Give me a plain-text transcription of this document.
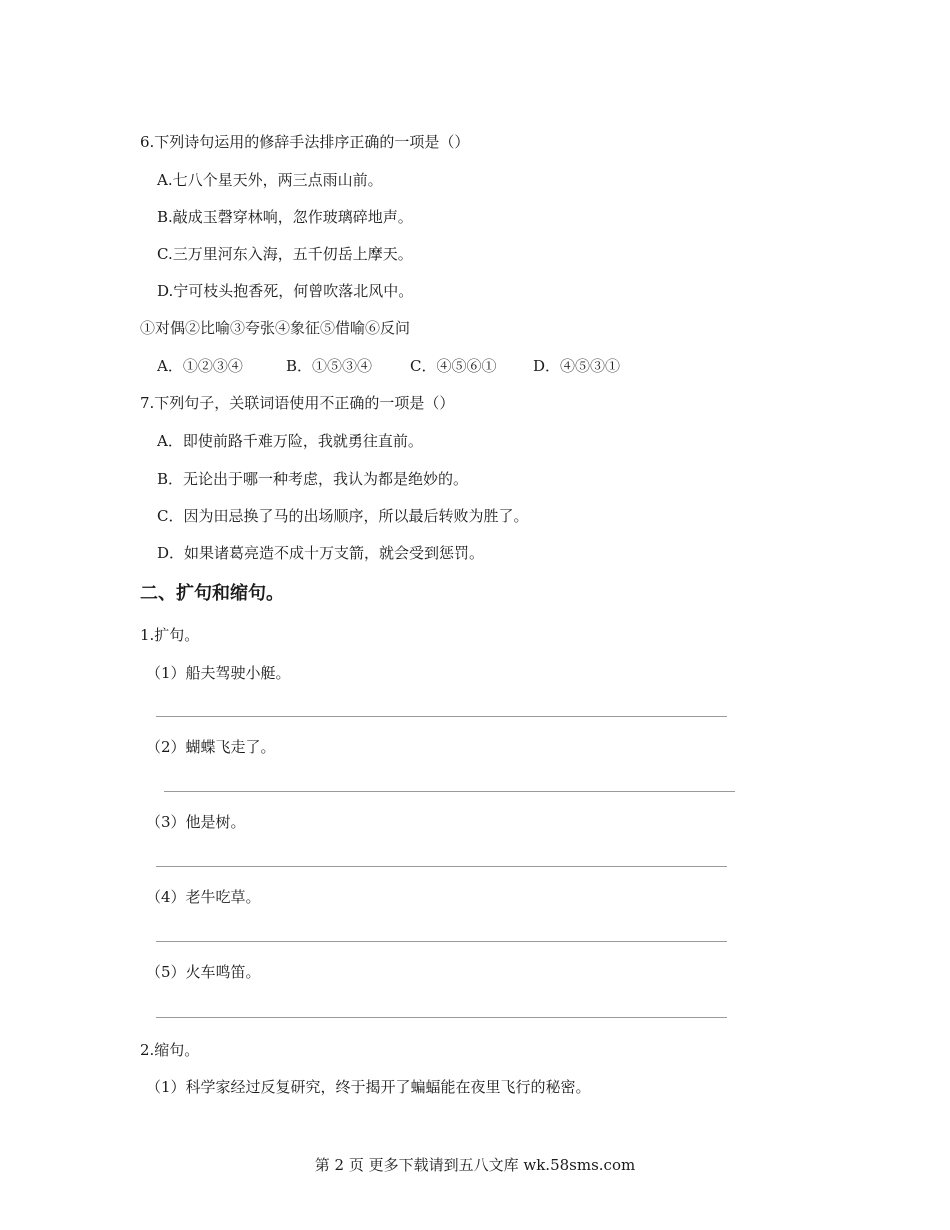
6.下列诗句运用的修辞手法排序正确的一项是（）
A.七八个星天外，两三点雨山前。
B.敲成玉磬穿林响，忽作玻璃碎地声。
C.三万里河东入海，五千仞岳上摩天。
D.宁可枝头抱香死，何曾吹落北风中。
①对偶②比喻③夸张④象征⑤借喻⑥反问
A．①②③④	B．①⑤③④	C．④⑤⑥① D．④⑤③①
7.下列句子，关联词语使用不正确的一项是（）
A．即使前路千难万险，我就勇往直前。
B．无论出于哪一种考虑，我认为都是绝妙的。
C．因为田忌换了马的出场顺序，所以最后转败为胜了。
D．如果诸葛亮造不成十万支箭，就会受到惩罚。
二、扩句和缩句。
1.扩句。
（1）船夫驾驶小艇。
（2）蝴蝶飞走了。
（3）他是树。
（4）老牛吃草。
（5）火车鸣笛。
2.缩句。
（1）科学家经过反复研究，终于揭开了蝙蝠能在夜里飞行的秘密。
第 2 页 更多下载请到五八文库 wk.58sms.com
